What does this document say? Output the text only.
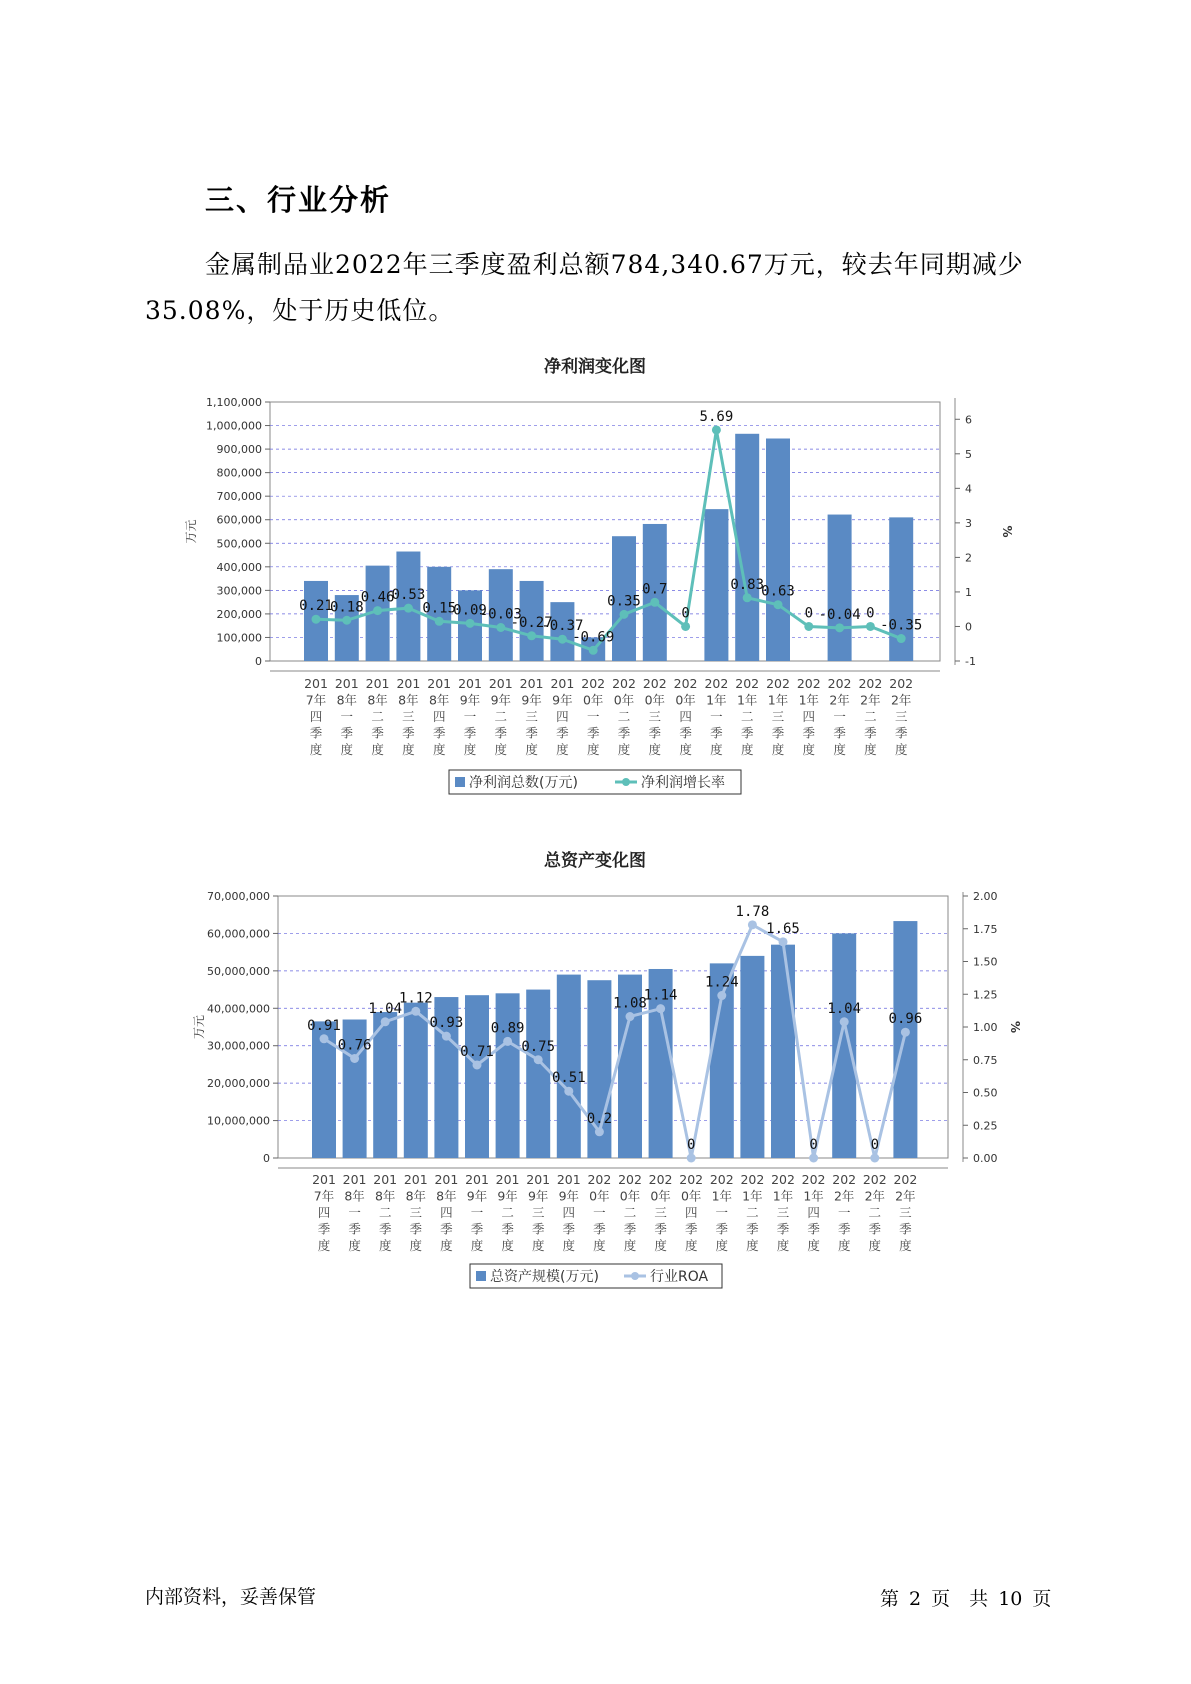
三、行业分析

金属制品业2022年三季度盈利总额784,340.67万元，较去年同期减少35.08%，处于历史低位。

净利润变化图
0
100,000
200,000
300,000
400,000
500,000
600,000
700,000
800,000
900,000
1,000,000
1,100,000
万元
-1
0
1
2
3
4
5
6
%
201
7年
四
季
度
201
8年
一
季
度
201
8年
二
季
度
201
8年
三
季
度
201
8年
四
季
度
201
9年
一
季
度
201
9年
二
季
度
201
9年
三
季
度
201
9年
四
季
度
202
0年
一
季
度
202
0年
二
季
度
202
0年
三
季
度
202
0年
四
季
度
202
1年
一
季
度
202
1年
二
季
度
202
1年
三
季
度
202
1年
四
季
度
202
2年
一
季
度
202
2年
二
季
度
202
2年
三
季
度
0.21
0.18
0.46
0.53
0.15
0.09
-0.03
-0.27
-0.37
-0.69
0.35
0.7
0
5.69
0.83
0.63
0 -0.04 0
-0.35
净利润总数(万元)	净利润增长率
总资产变化图
0
10,000,000
20,000,000
30,000,000
40,000,000
50,000,000
60,000,000
70,000,000
万元
0.00
0.25
0.50
0.75
1.00
1.25
1.50
1.75
2.00
%
201
7年
四
季
度
201
8年
一
季
度
201
8年
二
季
度
201
8年
三
季
度
201
8年
四
季
度
201
9年
一
季
度
201
9年
二
季
度
201
9年
三
季
度
201
9年
四
季
度
202
0年
一
季
度
202
0年
二
季
度
202
0年
三
季
度
202
0年
四
季
度
202
1年
一
季
度
202
1年
二
季
度
202
1年
三
季
度
202
1年
四
季
度
202
2年
一
季
度
202
2年
二
季
度
202
2年
三
季
度
0.91
0.76
1.04
1.12
0.93
0.71
0.89
0.75
0.51
0.2
1.08
1.14
0
1.24
1.78
1.65
0
1.04
0
0.96
总资产规模(万元)	行业ROA
内部资料，妥善保管	第 2 页　共 10 页
